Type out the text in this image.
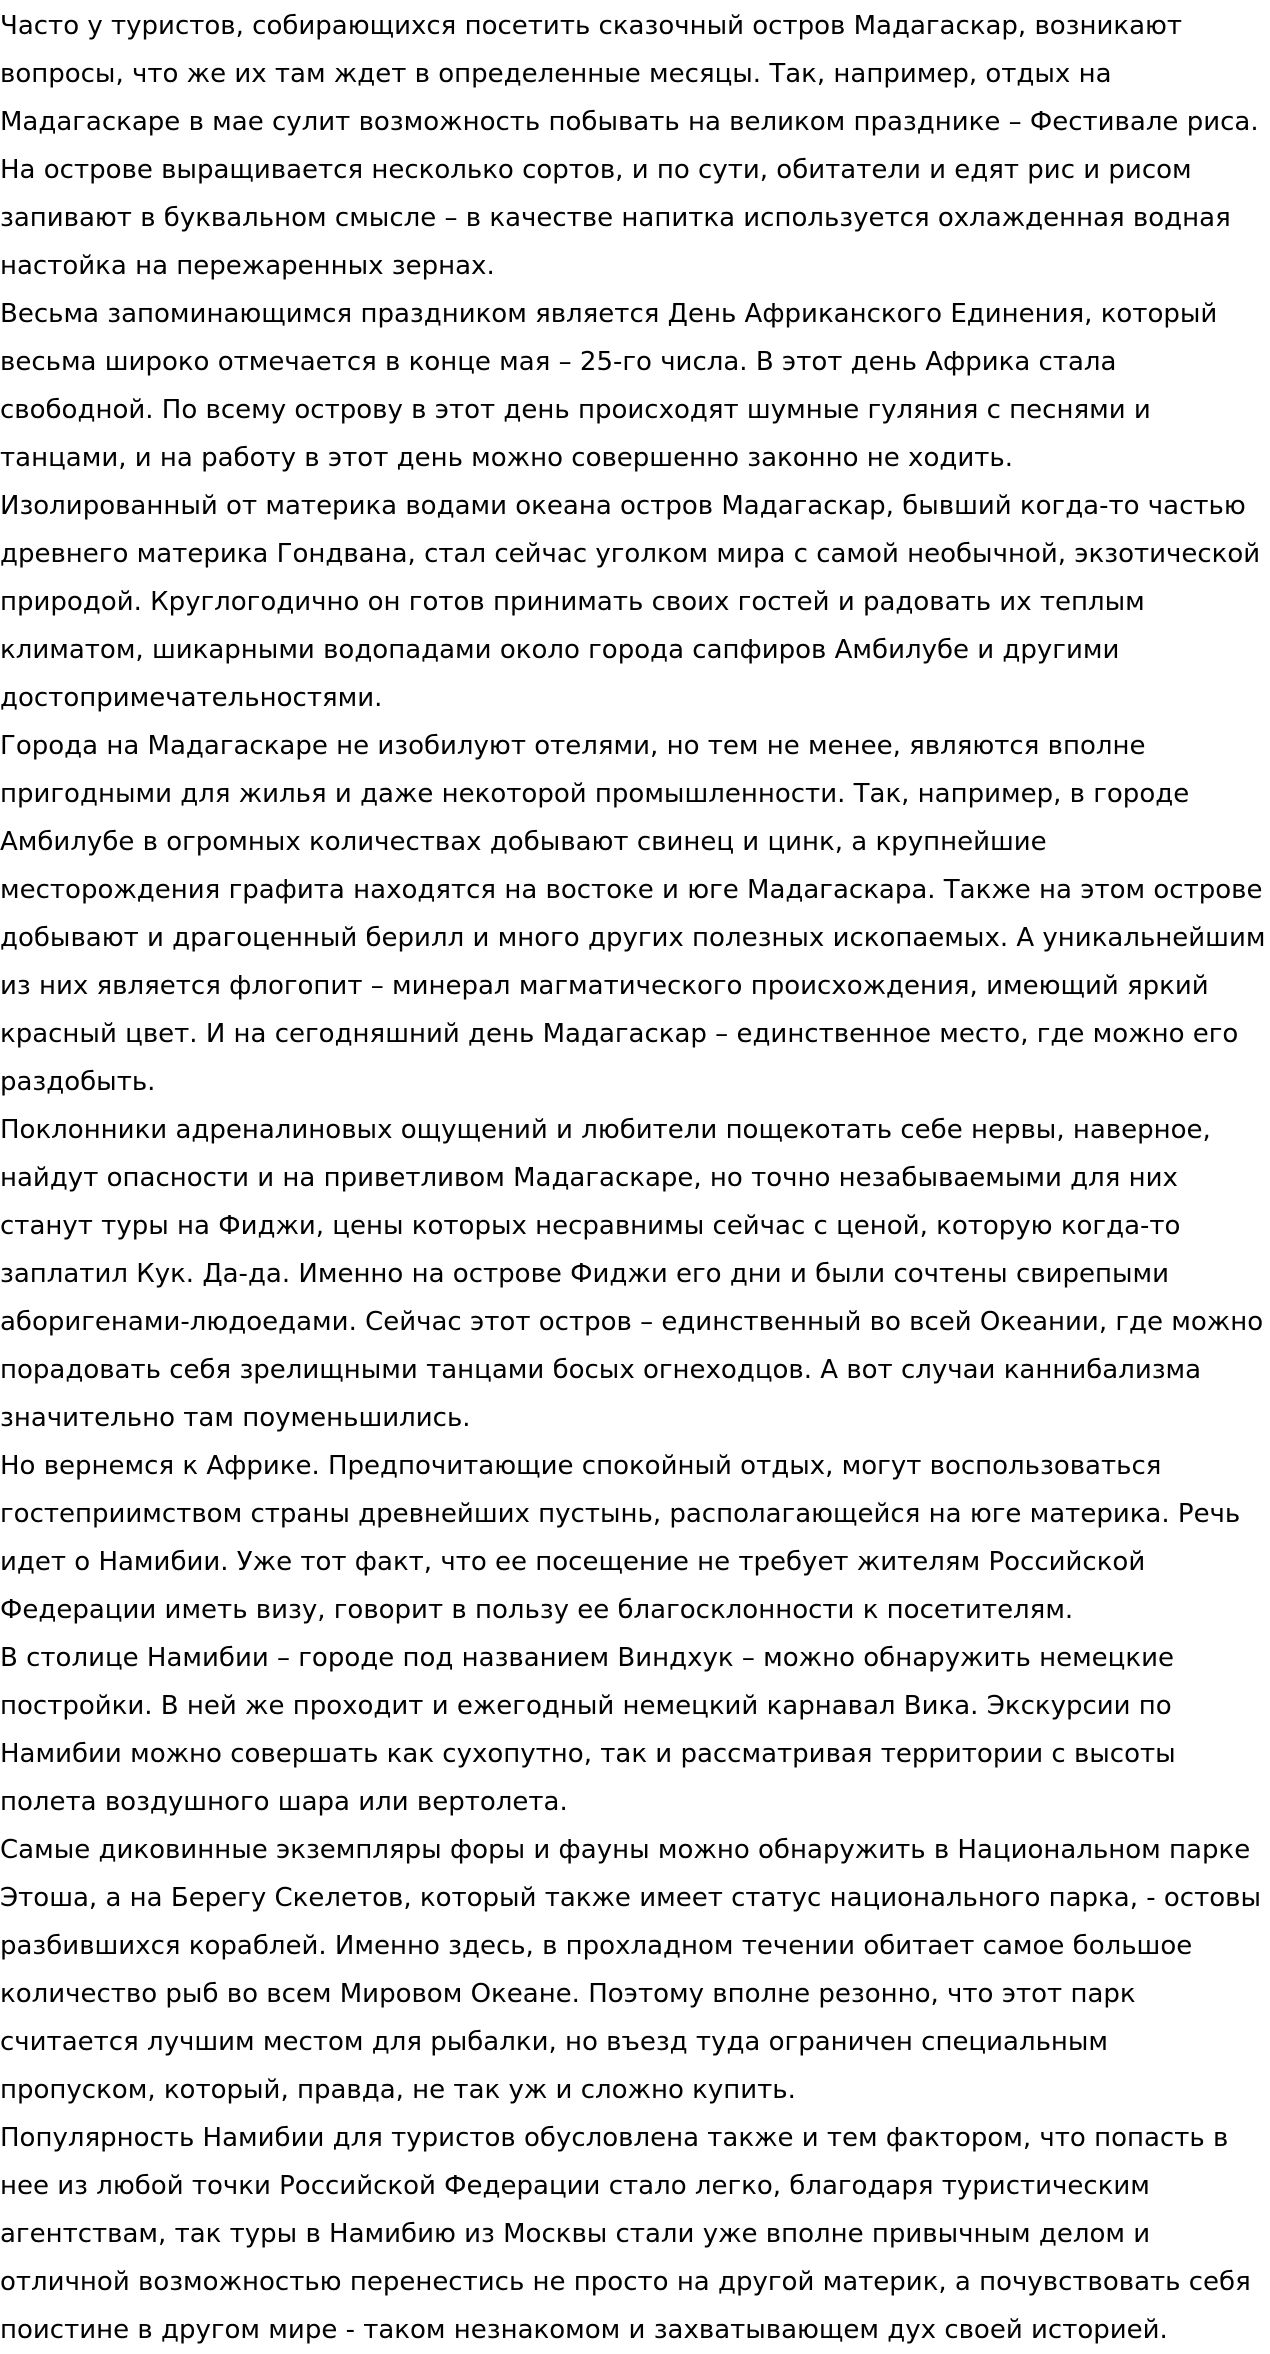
Часто у туристов, собирающихся посетить сказочный остров Мадагаскар, возникают
вопросы, что же их там ждет в определенные месяцы. Так, например, отдых на
Мадагаскаре в мае сулит возможность побывать на великом празднике – Фестивале риса.
На острове выращивается несколько сортов, и по сути, обитатели и едят рис и рисом
запивают в буквальном смысле – в качестве напитка используется охлажденная водная
настойка на пережаренных зернах.

Весьма запоминающимся праздником является День Африканского Единения, который
весьма широко отмечается в конце мая – 25-го числа. В этот день Африка стала
свободной. По всему острову в этот день происходят шумные гуляния с песнями и
танцами, и на работу в этот день можно совершенно законно не ходить.

Изолированный от материка водами океана остров Мадагаскар, бывший когда-то частью
древнего материка Гондвана, стал сейчас уголком мира с самой необычной, экзотической
природой. Круглогодично он готов принимать своих гостей и радовать их теплым
климатом, шикарными водопадами около города сапфиров Амбилубе и другими
достопримечательностями.

Города на Мадагаскаре не изобилуют отелями, но тем не менее, являются вполне
пригодными для жилья и даже некоторой промышленности. Так, например, в городе
Амбилубе в огромных количествах добывают свинец и цинк, а крупнейшие
месторождения графита находятся на востоке и юге Мадагаскара. Также на этом острове
добывают и драгоценный берилл и много других полезных ископаемых. А уникальнейшим
из них является флогопит – минерал магматического происхождения, имеющий яркий
красный цвет. И на сегодняшний день Мадагаскар – единственное место, где можно его
раздобыть.

Поклонники адреналиновых ощущений и любители пощекотать себе нервы, наверное,
найдут опасности и на приветливом Мадагаскаре, но точно незабываемыми для них
станут туры на Фиджи, цены которых несравнимы сейчас с ценой, которую когда-то
заплатил Кук. Да-да. Именно на острове Фиджи его дни и были сочтены свирепыми
аборигенами-людоедами. Сейчас этот остров – единственный во всей Океании, где можно
порадовать себя зрелищными танцами босых огнеходцов. А вот случаи каннибализма
значительно там поуменьшились.

Но вернемся к Африке. Предпочитающие спокойный отдых, могут воспользоваться
гостеприимством страны древнейших пустынь, располагающейся на юге материка. Речь
идет о Намибии. Уже тот факт, что ее посещение не требует жителям Российской
Федерации иметь визу, говорит в пользу ее благосклонности к посетителям.

В столице Намибии – городе под названием Виндхук – можно обнаружить немецкие
постройки. В ней же проходит и ежегодный немецкий карнавал Вика. Экскурсии по
Намибии можно совершать как сухопутно, так и рассматривая территории с высоты
полета воздушного шара или вертолета.

Самые диковинные экземпляры форы и фауны можно обнаружить в Национальном парке
Этоша, а на Берегу Скелетов, который также имеет статус национального парка, - остовы
разбившихся кораблей. Именно здесь, в прохладном течении обитает самое большое
количество рыб во всем Мировом Океане. Поэтому вполне резонно, что этот парк
считается лучшим местом для рыбалки, но въезд туда ограничен специальным
пропуском, который, правда, не так уж и сложно купить.

Популярность Намибии для туристов обусловлена также и тем фактором, что попасть в
нее из любой точки Российской Федерации стало легко, благодаря туристическим
агентствам, так туры в Намибию из Москвы стали уже вполне привычным делом и
отличной возможностью перенестись не просто на другой материк, а почувствовать себя
поистине в другом мире - таком незнакомом и захватывающем дух своей историей.
